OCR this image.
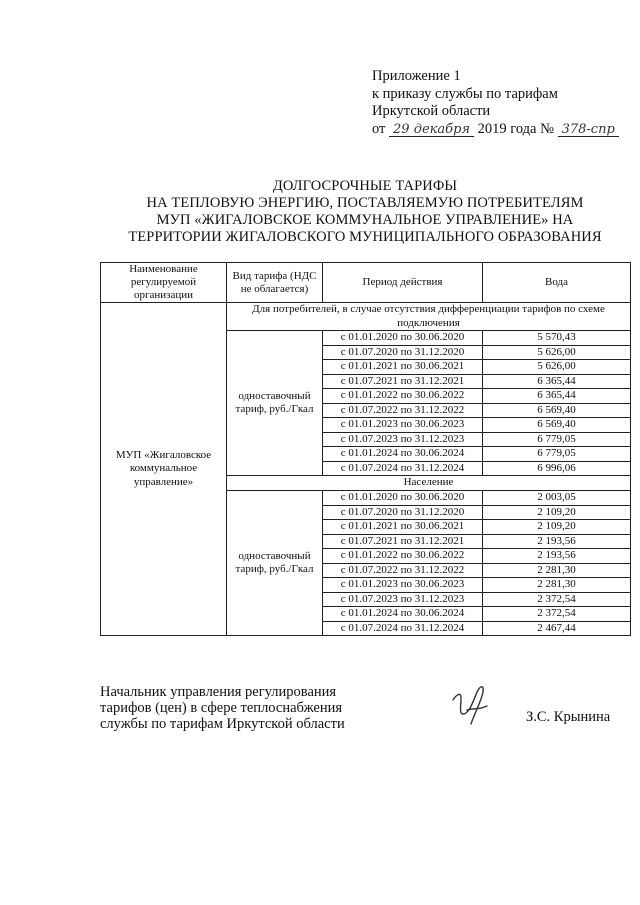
Приложение 1
к приказу службы по тарифам
Иркутской области
от 29 декабря 2019 года № 378-спр
ДОЛГОСРОЧНЫЕ ТАРИФЫ
НА ТЕПЛОВУЮ ЭНЕРГИЮ, ПОСТАВЛЯЕМУЮ ПОТРЕБИТЕЛЯМ
МУП «ЖИГАЛОВСКОЕ КОММУНАЛЬНОЕ УПРАВЛЕНИЕ» НА
ТЕРРИТОРИИ ЖИГАЛОВСКОГО МУНИЦИПАЛЬНОГО ОБРАЗОВАНИЯ
Наименование регулируемой организации	Вид тарифа (НДС не облагается)	Период действия	Вода
МУП «Жигаловское коммунальное управление»	Для потребителей, в случае отсутствия дифференциации тарифов по схеме подключения		
	одноставочный тариф, руб./Гкал	с 01.01.2020 по 30.06.2020	5 570,43
		с 01.07.2020 по 31.12.2020	5 626,00
		с 01.01.2021 по 30.06.2021	5 626,00
		с 01.07.2021 по 31.12.2021	6 365,44
		с 01.01.2022 по 30.06.2022	6 365,44
		с 01.07.2022 по 31.12.2022	6 569,40
		с 01.01.2023 по 30.06.2023	6 569,40
		с 01.07.2023 по 31.12.2023	6 779,05
		с 01.01.2024 по 30.06.2024	6 779,05
		с 01.07.2024 по 31.12.2024	6 996,06
	Население		
	одноставочный тариф, руб./Гкал	с 01.01.2020 по 30.06.2020	2 003,05
		с 01.07.2020 по 31.12.2020	2 109,20
		с 01.01.2021 по 30.06.2021	2 109,20
		с 01.07.2021 по 31.12.2021	2 193,56
		с 01.01.2022 по 30.06.2022	2 193,56
		с 01.07.2022 по 31.12.2022	2 281,30
		с 01.01.2023 по 30.06.2023	2 281,30
		с 01.07.2023 по 31.12.2023	2 372,54
		с 01.01.2024 по 30.06.2024	2 372,54
		с 01.07.2024 по 31.12.2024	2 467,44
Начальник управления регулирования
тарифов (цен) в сфере теплоснабжения
службы по тарифам Иркутской области	З.С. Крынина
